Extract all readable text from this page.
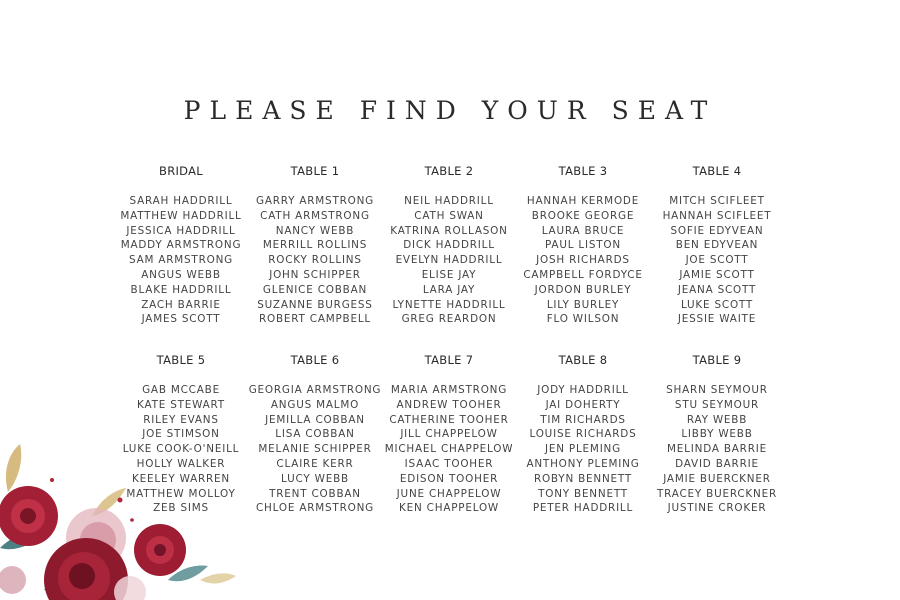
PLEASE FIND YOUR SEAT
BRIDAL
SARAH HADDRILL
MATTHEW HADDRILL
JESSICA HADDRILL
MADDY ARMSTRONG
SAM ARMSTRONG
ANGUS WEBB
BLAKE HADDRILL
ZACH BARRIE
JAMES SCOTT
TABLE 1
GARRY ARMSTRONG
CATH ARMSTRONG
NANCY WEBB
MERRILL ROLLINS
ROCKY ROLLINS
JOHN SCHIPPER
GLENICE COBBAN
SUZANNE BURGESS
ROBERT CAMPBELL
TABLE 2
NEIL HADDRILL
CATH SWAN
KATRINA ROLLASON
DICK HADDRILL
EVELYN HADDRILL
ELISE JAY
LARA JAY
LYNETTE HADDRILL
GREG REARDON
TABLE 3
HANNAH KERMODE
BROOKE GEORGE
LAURA BRUCE
PAUL LISTON
JOSH RICHARDS
CAMPBELL FORDYCE
JORDON BURLEY
LILY BURLEY
FLO WILSON
TABLE 4
MITCH SCIFLEET
HANNAH SCIFLEET
SOFIE EDYVEAN
BEN EDYVEAN
JOE SCOTT
JAMIE SCOTT
JEANA SCOTT
LUKE SCOTT
JESSIE WAITE
TABLE 5
GAB MCCABE
KATE STEWART
RILEY EVANS
JOE STIMSON
LUKE COOK-O'NEILL
HOLLY WALKER
KEELEY WARREN
MATTHEW MOLLOY
ZEB SIMS
TABLE 6
GEORGIA ARMSTRONG
ANGUS MALMO
JEMILLA COBBAN
LISA COBBAN
MELANIE SCHIPPER
CLAIRE KERR
LUCY WEBB
TRENT COBBAN
CHLOE ARMSTRONG
TABLE 7
MARIA ARMSTRONG
ANDREW TOOHER
CATHERINE TOOHER
JILL CHAPPELOW
MICHAEL CHAPPELOW
ISAAC TOOHER
EDISON TOOHER
JUNE CHAPPELOW
KEN CHAPPELOW
TABLE 8
JODY HADDRILL
JAI DOHERTY
TIM RICHARDS
LOUISE RICHARDS
JEN PLEMING
ANTHONY PLEMING
ROBYN BENNETT
TONY BENNETT
PETER HADDRILL
TABLE 9
SHARN SEYMOUR
STU SEYMOUR
RAY WEBB
LIBBY WEBB
MELINDA BARRIE
DAVID BARRIE
JAMIE BUERCKNER
TRACEY BUERCKNER
JUSTINE CROKER
